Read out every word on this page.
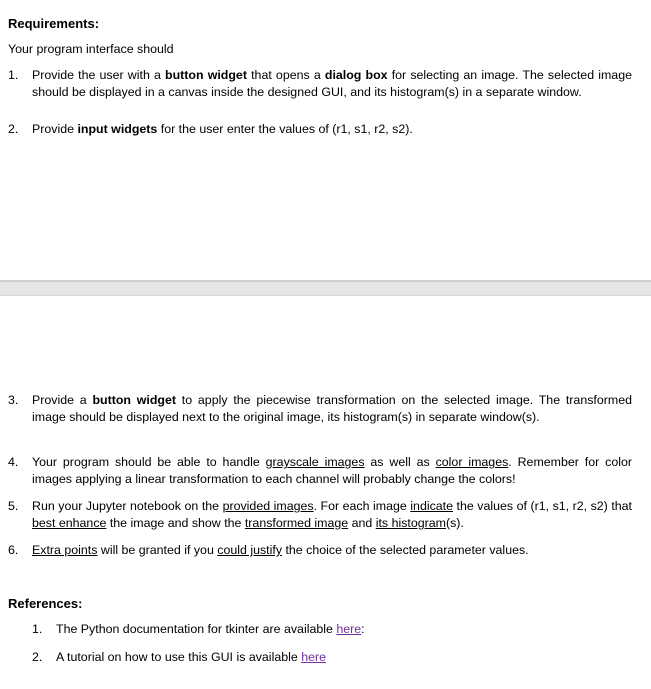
Requirements:
Your program interface should
1.	Provide the user with a button widget that opens a dialog box for selecting an image. The selected image should be displayed in a canvas inside the designed GUI, and its histogram(s) in a separate window.
2.	Provide input widgets for the user enter the values of (r1, s1, r2, s2).
3.	Provide a button widget to apply the piecewise transformation on the selected image. The transformed image should be displayed next to the original image, its histogram(s) in separate window(s).
4.	Your program should be able to handle grayscale images as well as color images. Remember for color images applying a linear transformation to each channel will probably change the colors!
5.	Run your Jupyter notebook on the provided images. For each image indicate the values of (r1, s1, r2, s2) that best enhance the image and show the transformed image and its histogram(s).
6.	Extra points will be granted if you could justify the choice of the selected parameter values.
References:
1.	The Python documentation for tkinter are available here:
2.	A tutorial on how to use this GUI is available here
